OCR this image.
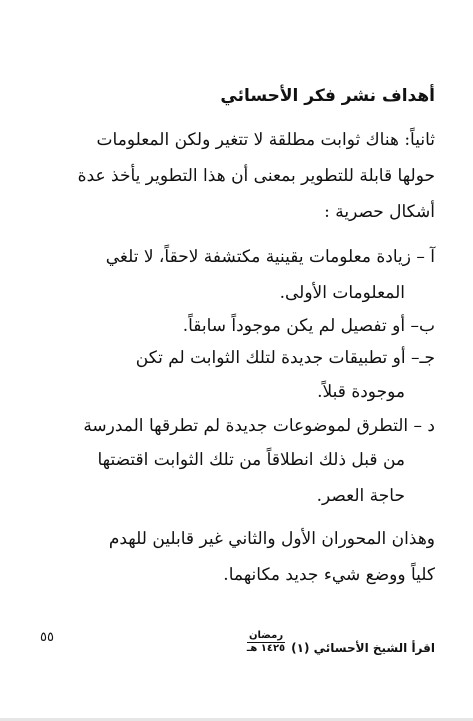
أهداف نشر فكر الأحسائي
ثانياً: هناك ثوابت مطلقة لا تتغير ولكن المعلومات
حولها قابلة للتطوير بمعنى أن هذا التطوير يأخذ عدة
أشكال حصرية :
آ – زيادة معلومات يقينية مكتشفة لاحقاً، لا تلغي
المعلومات الأولى.
ب– أو تفصيل لم يكن موجوداً سابقاً.
جـ– أو تطبيقات جديدة لتلك الثوابت لم تكن
موجودة قبلاً.
د – التطرق لموضوعات جديدة لم تطرقها المدرسة
من قبل ذلك انطلاقاً من تلك الثوابت اقتضتها
حاجة العصر.
وهذان المحوران الأول والثاني غير قابلين للهدم
كلياً ووضع شيء جديد مكانهما.
اقرأ الشيخ الأحسائي (١)
رمضان
١٤٢٥ هـ
٥٥
